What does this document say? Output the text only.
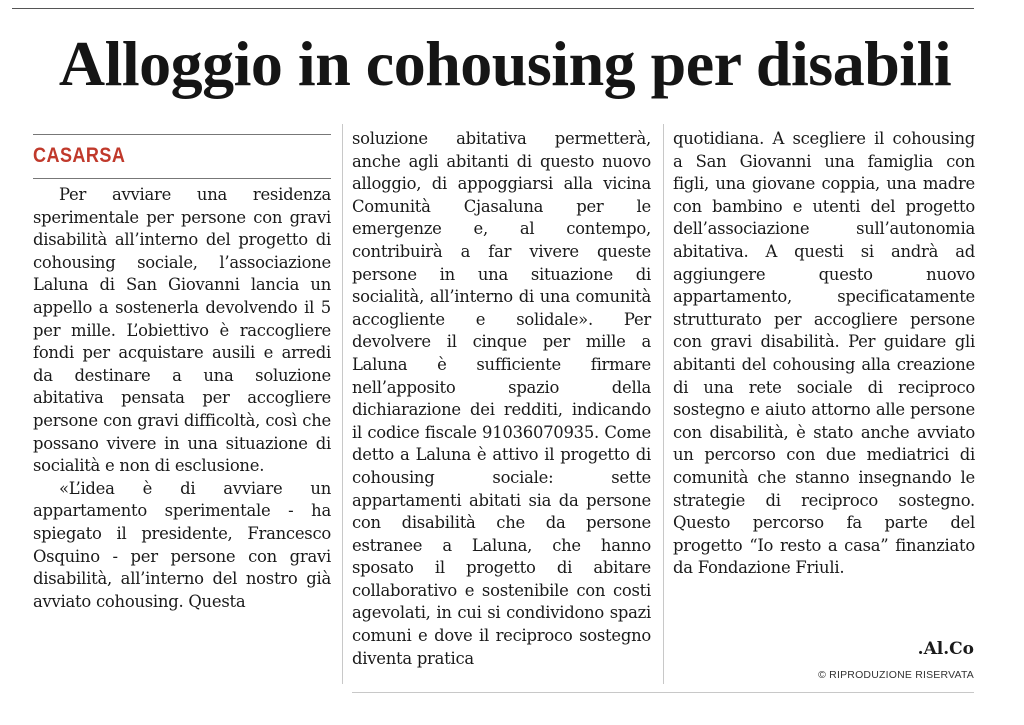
Alloggio in cohousing per disabili
CASARSA

Per avviare una residenza sperimentale per persone con gravi disabilità all’interno del progetto di cohousing sociale, l’associazione Laluna di San Giovanni lancia un appello a sostenerla devolvendo il 5 per mille. L’obiettivo è raccogliere fondi per acquistare ausili e arredi da destinare a una soluzione abitativa pensata per accogliere persone con gravi difficoltà, così che possano vivere in una situazione di socialità e non di esclusione.

«L’idea è di avviare un appartamento sperimentale - ha spiegato il presidente, Francesco Osquino - per persone con gravi disabilità, all’interno del nostro già avviato cohousing. Questa

soluzione abitativa permetterà, anche agli abitanti di questo nuovo alloggio, di appoggiarsi alla vicina Comunità Cjasaluna per le emergenze e, al contempo, contribuirà a far vivere queste persone in una situazione di socialità, all’interno di una comunità accogliente e solidale». Per devolvere il cinque per mille a Laluna è sufficiente firmare nell’apposito spazio della dichiarazione dei redditi, indicando il codice fiscale 91036070935. Come detto a Laluna è attivo il progetto di cohousing sociale: sette appartamenti abitati sia da persone con disabilità che da persone estranee a Laluna, che hanno sposato il progetto di abitare collaborativo e sostenibile con costi agevolati, in cui si condividono spazi comuni e dove il reciproco sostegno diventa pratica

quotidiana. A scegliere il cohousing a San Giovanni una famiglia con figli, una giovane coppia, una madre con bambino e utenti del progetto dell’associazione sull’autonomia abitativa. A questi si andrà ad aggiungere questo nuovo appartamento, specificatamente strutturato per accogliere persone con gravi disabilità. Per guidare gli abitanti del cohousing alla creazione di una rete sociale di reciproco sostegno e aiuto attorno alle persone con disabilità, è stato anche avviato un percorso con due mediatrici di comunità che stanno insegnando le strategie di reciproco sostegno. Questo percorso fa parte del progetto “Io resto a casa” finanziato da Fondazione Friuli.

Al.Co.
© RIPRODUZIONE RISERVATA
